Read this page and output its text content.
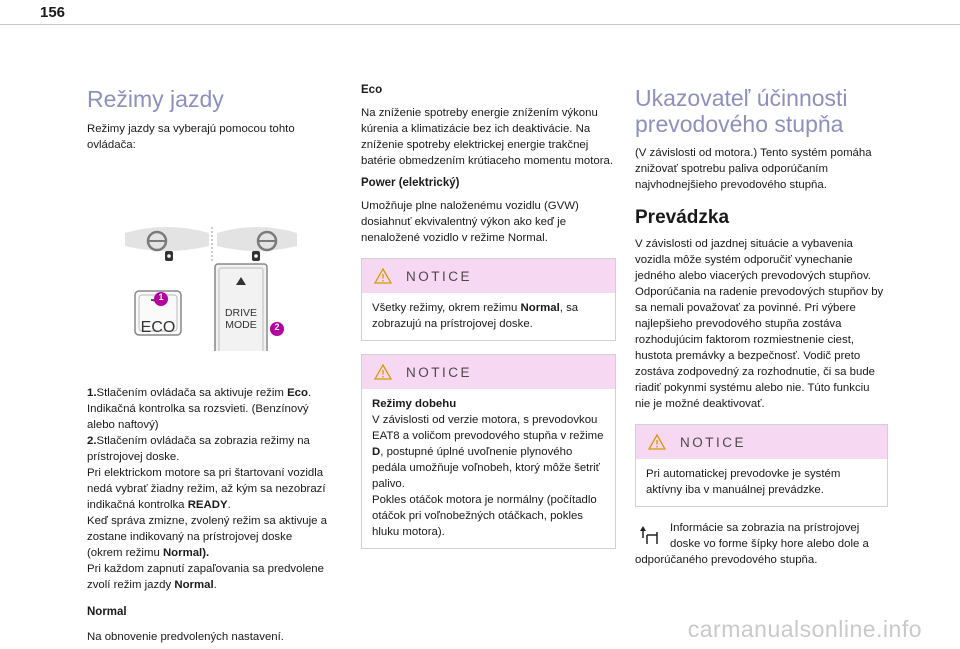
156
Režimy jazdy
Režimy jazdy sa vyberajú pomocou tohto ovládača:
ECO
DRIVE
MODE
1
2
1.Stlačením ovládača sa aktivuje režim Eco. Indikačná kontrolka sa rozsvieti. (Benzínový alebo naftový)
2.Stlačením ovládača sa zobrazia režimy na prístrojovej doske.
Pri elektrickom motore sa pri štartovaní vozidla nedá vybrať žiadny režim, až kým sa nezobrazí indikačná kontrolka READY.
Keď správa zmizne, zvolený režim sa aktivuje a zostane indikovaný na prístrojovej doske (okrem režimu Normal).
Pri každom zapnutí zapaľovania sa predvolene zvolí režim jazdy Normal.
Normal
Na obnovenie predvolených nastavení.
Eco
Na zníženie spotreby energie znížením výkonu kúrenia a klimatizácie bez ich deaktivácie. Na zníženie spotreby elektrickej energie trakčnej batérie obmedzením krútiaceho momentu motora.
Power (elektrický)
Umožňuje plne naloženému vozidlu (GVW) dosiahnuť ekvivalentný výkon ako keď je nenaložené vozidlo v režime Normal.
NOTICE
Všetky režimy, okrem režimu Normal, sa zobrazujú na prístrojovej doske.
NOTICE
Režimy dobehu
V závislosti od verzie motora, s prevodovkou EAT8 a voličom prevodového stupňa v režime D, postupné úplné uvoľnenie plynového pedála umožňuje voľnobeh, ktorý môže šetriť palivo.
Pokles otáčok motora je normálny (počítadlo otáčok pri voľnobežných otáčkach, pokles hluku motora).
Ukazovateľ účinnosti prevodového stupňa
(V závislosti od motora.) Tento systém pomáha znižovať spotrebu paliva odporúčaním najvhodnejšieho prevodového stupňa.
Prevádzka
V závislosti od jazdnej situácie a vybavenia vozidla môže systém odporučiť vynechanie jedného alebo viacerých prevodových stupňov. Odporúčania na radenie prevodových stupňov by sa nemali považovať za povinné. Pri výbere najlepšieho prevodového stupňa zostáva rozhodujúcim faktorom rozmiestnenie ciest, hustota premávky a bezpečnosť. Vodič preto zostáva zodpovedný za rozhodnutie, či sa bude riadiť pokynmi systému alebo nie. Túto funkciu nie je možné deaktivovať.
NOTICE
Pri automatickej prevodovke je systém aktívny iba v manuálnej prevádzke.
Informácie sa zobrazia na prístrojovej doske vo forme šípky hore alebo dole a odporúčaného prevodového stupňa.
carmanualsonline.info
